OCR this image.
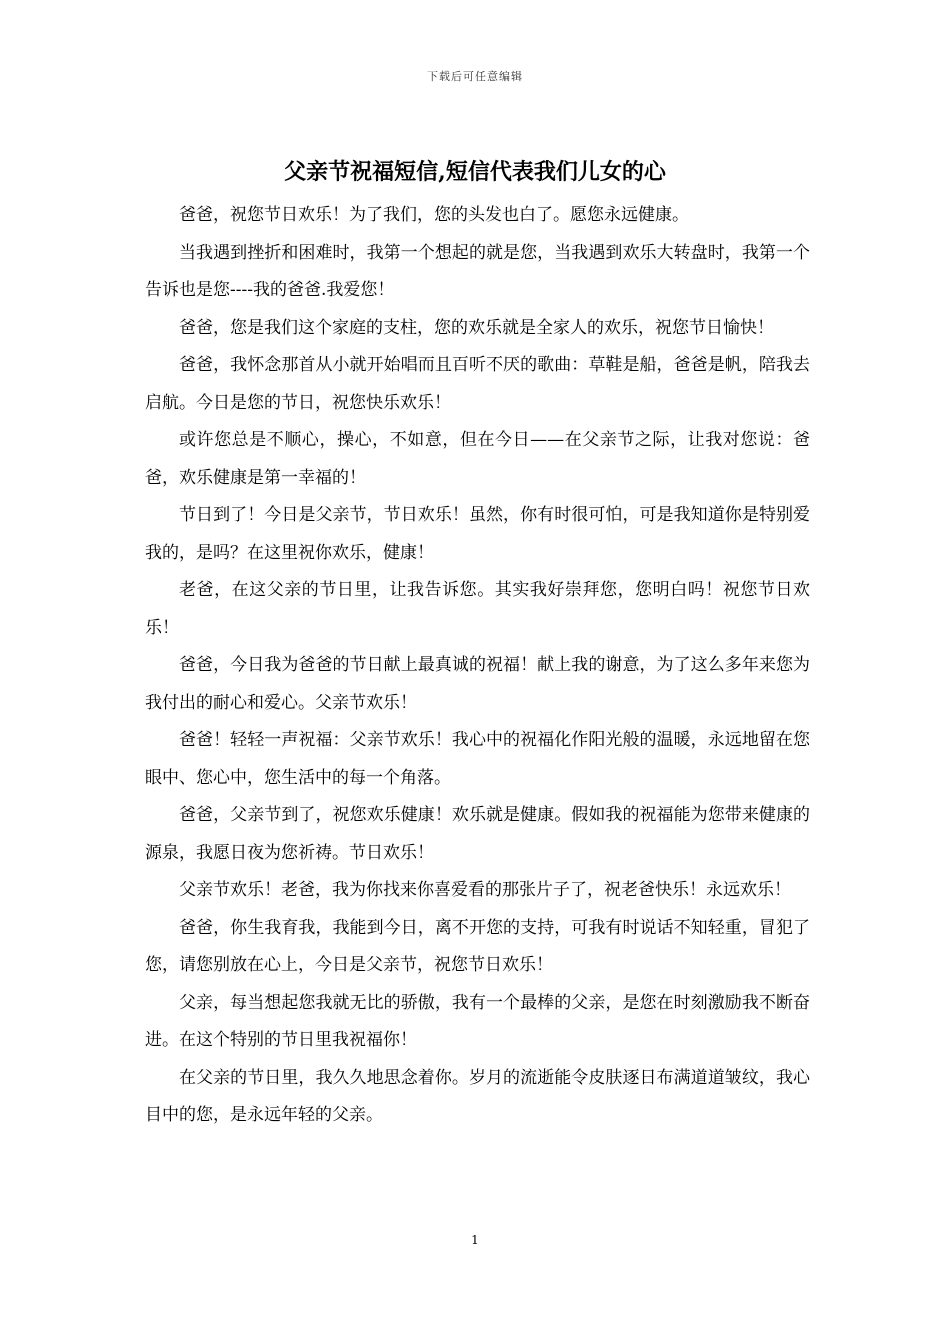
下载后可任意编辑
父亲节祝福短信,短信代表我们儿女的心

爸爸，祝您节日欢乐！为了我们，您的头发也白了。愿您永远健康。

当我遇到挫折和困难时，我第一个想起的就是您，当我遇到欢乐大转盘时，我第一个告诉也是您----我的爸爸.我爱您！

爸爸，您是我们这个家庭的支柱，您的欢乐就是全家人的欢乐，祝您节日愉快！

爸爸，我怀念那首从小就开始唱而且百听不厌的歌曲：草鞋是船，爸爸是帆，陪我去启航。今日是您的节日，祝您快乐欢乐！

或许您总是不顺心，操心，不如意，但在今日——在父亲节之际，让我对您说：爸爸，欢乐健康是第一幸福的！

节日到了！今日是父亲节，节日欢乐！虽然，你有时很可怕，可是我知道你是特别爱我的，是吗？在这里祝你欢乐，健康！

老爸，在这父亲的节日里，让我告诉您。其实我好崇拜您，您明白吗！祝您节日欢乐！

爸爸，今日我为爸爸的节日献上最真诚的祝福！献上我的谢意，为了这么多年来您为我付出的耐心和爱心。父亲节欢乐！

爸爸！轻轻一声祝福：父亲节欢乐！我心中的祝福化作阳光般的温暖，永远地留在您眼中、您心中，您生活中的每一个角落。

爸爸，父亲节到了，祝您欢乐健康！欢乐就是健康。假如我的祝福能为您带来健康的源泉，我愿日夜为您祈祷。节日欢乐！

父亲节欢乐！老爸，我为你找来你喜爱看的那张片子了，祝老爸快乐！永远欢乐！

爸爸，你生我育我，我能到今日，离不开您的支持，可我有时说话不知轻重，冒犯了您，请您别放在心上，今日是父亲节，祝您节日欢乐！

父亲，每当想起您我就无比的骄傲，我有一个最棒的父亲，是您在时刻激励我不断奋进。在这个特别的节日里我祝福你！

在父亲的节日里，我久久地思念着你。岁月的流逝能令皮肤逐日布满道道皱纹，我心目中的您，是永远年轻的父亲。

1
